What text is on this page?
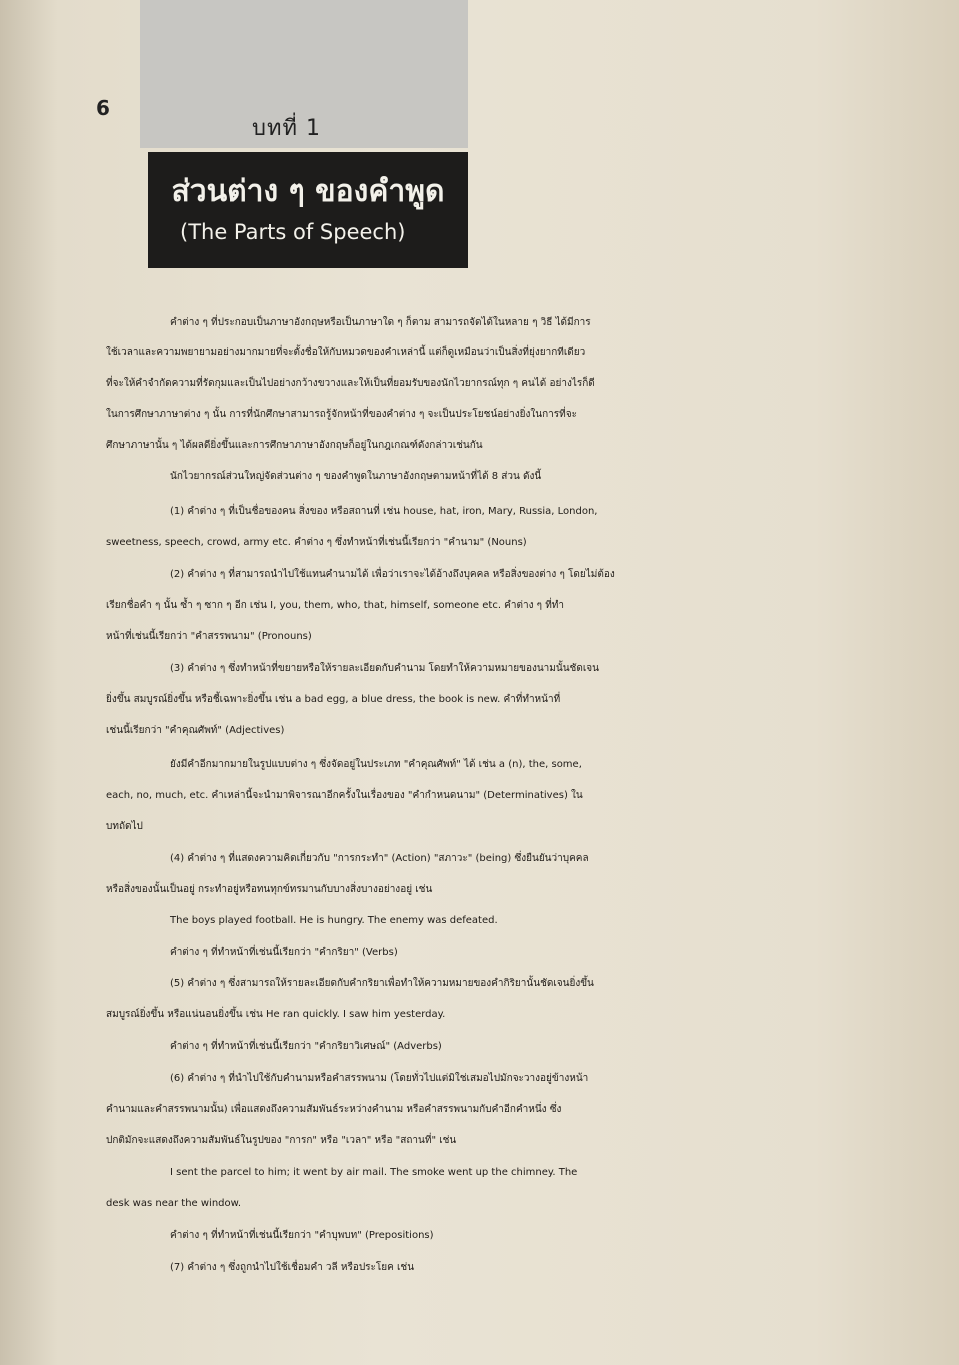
6
บทที่ 1
ส่วนต่าง ๆ ของคำพูด
(The Parts of Speech)
คำต่าง ๆ ที่ประกอบเป็นภาษาอังกฤษหรือเป็นภาษาใด ๆ ก็ตาม สามารถจัดได้ในหลาย ๆ วิธี ได้มีการ
ใช้เวลาและความพยายามอย่างมากมายที่จะตั้งชื่อให้กับหมวดของคำเหล่านี้ แต่ก็ดูเหมือนว่าเป็นสิ่งที่ยุ่งยากทีเดียว
ที่จะให้คำจำกัดความที่รัดกุมและเป็นไปอย่างกว้างขวางและให้เป็นที่ยอมรับของนักไวยากรณ์ทุก ๆ คนได้ อย่างไรก็ดี
ในการศึกษาภาษาต่าง ๆ นั้น การที่นักศึกษาสามารถรู้จักหน้าที่ของคำต่าง ๆ จะเป็นประโยชน์อย่างยิ่งในการที่จะ
ศึกษาภาษานั้น ๆ ได้ผลดียิ่งขึ้นและการศึกษาภาษาอังกฤษก็อยู่ในกฎเกณฑ์ดังกล่าวเช่นกัน
นักไวยากรณ์ส่วนใหญ่จัดส่วนต่าง ๆ ของคำพูดในภาษาอังกฤษตามหน้าที่ได้ 8 ส่วน ดังนี้
(1) คำต่าง ๆ ที่เป็นชื่อของคน สิ่งของ หรือสถานที่ เช่น house, hat, iron, Mary, Russia, London,
sweetness, speech, crowd, army etc. คำต่าง ๆ ซึ่งทำหน้าที่เช่นนี้เรียกว่า "คำนาม" (Nouns)
(2) คำต่าง ๆ ที่สามารถนำไปใช้แทนคำนามได้ เพื่อว่าเราจะได้อ้างถึงบุคคล หรือสิ่งของต่าง ๆ โดยไม่ต้อง
เรียกชื่อคำ ๆ นั้น ซ้ำ ๆ ซาก ๆ อีก เช่น I, you, them, who, that, himself, someone etc. คำต่าง ๆ ที่ทำ
หน้าที่เช่นนี้เรียกว่า "คำสรรพนาม" (Pronouns)
(3) คำต่าง ๆ ซึ่งทำหน้าที่ขยายหรือให้รายละเอียดกับคำนาม โดยทำให้ความหมายของนามนั้นชัดเจน
ยิ่งขึ้น สมบูรณ์ยิ่งขึ้น หรือชี้เฉพาะยิ่งขึ้น เช่น a bad egg, a blue dress, the book is new. คำที่ทำหน้าที่
เช่นนี้เรียกว่า "คำคุณศัพท์" (Adjectives)
ยังมีคำอีกมากมายในรูปแบบต่าง ๆ ซึ่งจัดอยู่ในประเภท "คำคุณศัพท์" ได้ เช่น a (n), the, some,
each, no, much, etc. คำเหล่านี้จะนำมาพิจารณาอีกครั้งในเรื่องของ "คำกำหนดนาม" (Determinatives) ใน
บทถัดไป
(4) คำต่าง ๆ ที่แสดงความคิดเกี่ยวกับ "การกระทำ" (Action) "สภาวะ" (being) ซึ่งยืนยันว่าบุคคล
หรือสิ่งของนั้นเป็นอยู่ กระทำอยู่หรือทนทุกข์ทรมานกับบางสิ่งบางอย่างอยู่ เช่น
The boys played football. He is hungry. The enemy was defeated.
คำต่าง ๆ ที่ทำหน้าที่เช่นนี้เรียกว่า "คำกริยา" (Verbs)
(5) คำต่าง ๆ ซึ่งสามารถให้รายละเอียดกับคำกริยาเพื่อทำให้ความหมายของคำกิริยานั้นชัดเจนยิ่งขึ้น
สมบูรณ์ยิ่งขึ้น หรือแน่นอนยิ่งขึ้น เช่น He ran quickly. I saw him yesterday.
คำต่าง ๆ ที่ทำหน้าที่เช่นนี้เรียกว่า "คำกริยาวิเศษณ์" (Adverbs)
(6) คำต่าง ๆ ที่นำไปใช้กับคำนามหรือคำสรรพนาม (โดยทั่วไปแต่มิใช่เสมอไปมักจะวางอยู่ข้างหน้า
คำนามและคำสรรพนามนั้น) เพื่อแสดงถึงความสัมพันธ์ระหว่างคำนาม หรือคำสรรพนามกับคำอีกคำหนึ่ง ซึ่ง
ปกติมักจะแสดงถึงความสัมพันธ์ในรูปของ "การก" หรือ "เวลา" หรือ "สถานที่" เช่น
I sent the parcel to him; it went by air mail. The smoke went up the chimney. The
desk was near the window.
คำต่าง ๆ ที่ทำหน้าที่เช่นนี้เรียกว่า "คำบุพบท" (Prepositions)
(7) คำต่าง ๆ ซึ่งถูกนำไปใช้เชื่อมคำ วลี หรือประโยค เช่น
